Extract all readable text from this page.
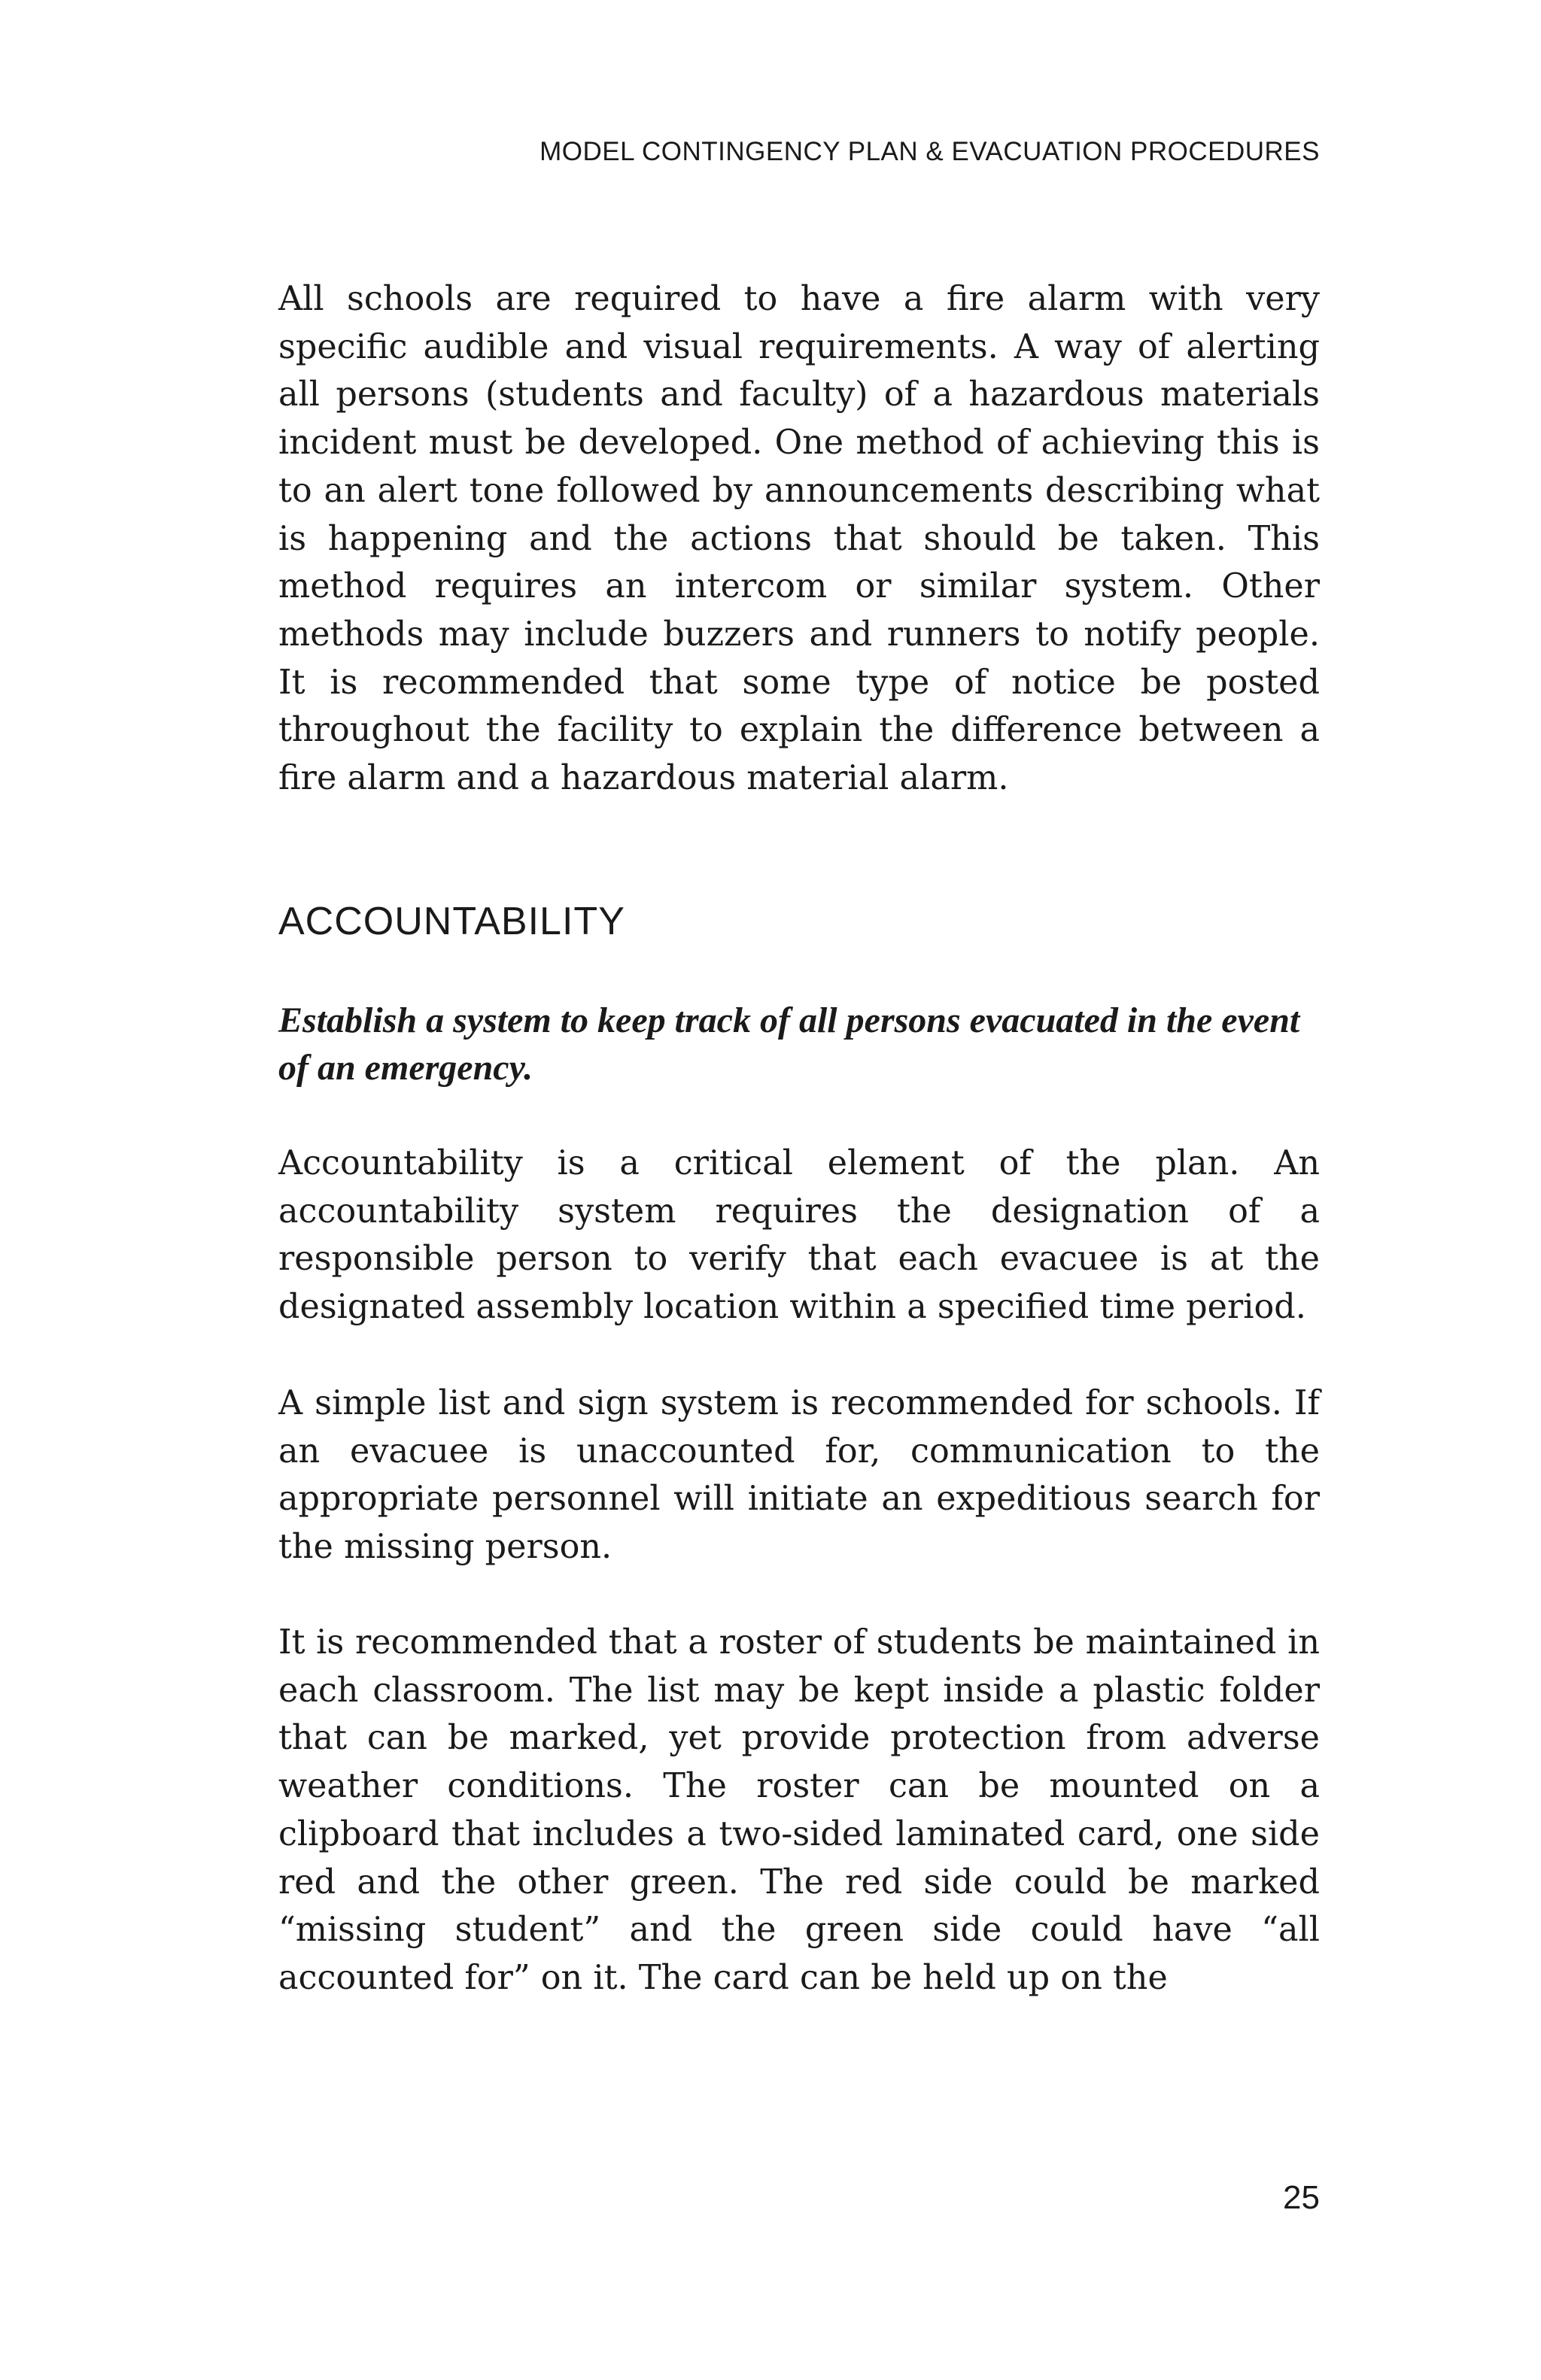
MODEL CONTINGENCY PLAN & EVACUATION PROCEDURES

All schools are required to have a fire alarm with very specific audible and visual requirements. A way of alerting all persons (students and faculty) of a hazardous materials incident must be developed. One method of achieving this is to an alert tone followed by announcements describing what is happening and the actions that should be taken. This method requires an intercom or similar system. Other methods may include buzzers and runners to notify people. It is recommended that some type of notice be posted throughout the facility to explain the difference between a fire alarm and a hazardous material alarm.

ACCOUNTABILITY

Establish a system to keep track of all persons evacuated in the event of an emergency.

Accountability is a critical element of the plan. An accountability system requires the designation of a responsible person to verify that each evacuee is at the designated assembly location within a specified time period.

A simple list and sign system is recommended for schools. If an evacuee is unaccounted for, communication to the appropriate personnel will initiate an expeditious search for the missing person.

It is recommended that a roster of students be maintained in each classroom. The list may be kept inside a plastic folder that can be marked, yet provide protection from adverse weather conditions. The roster can be mounted on a clipboard that includes a two-sided laminated card, one side red and the other green. The red side could be marked “missing student” and the green side could have “all accounted for” on it. The card can be held up on the

25
